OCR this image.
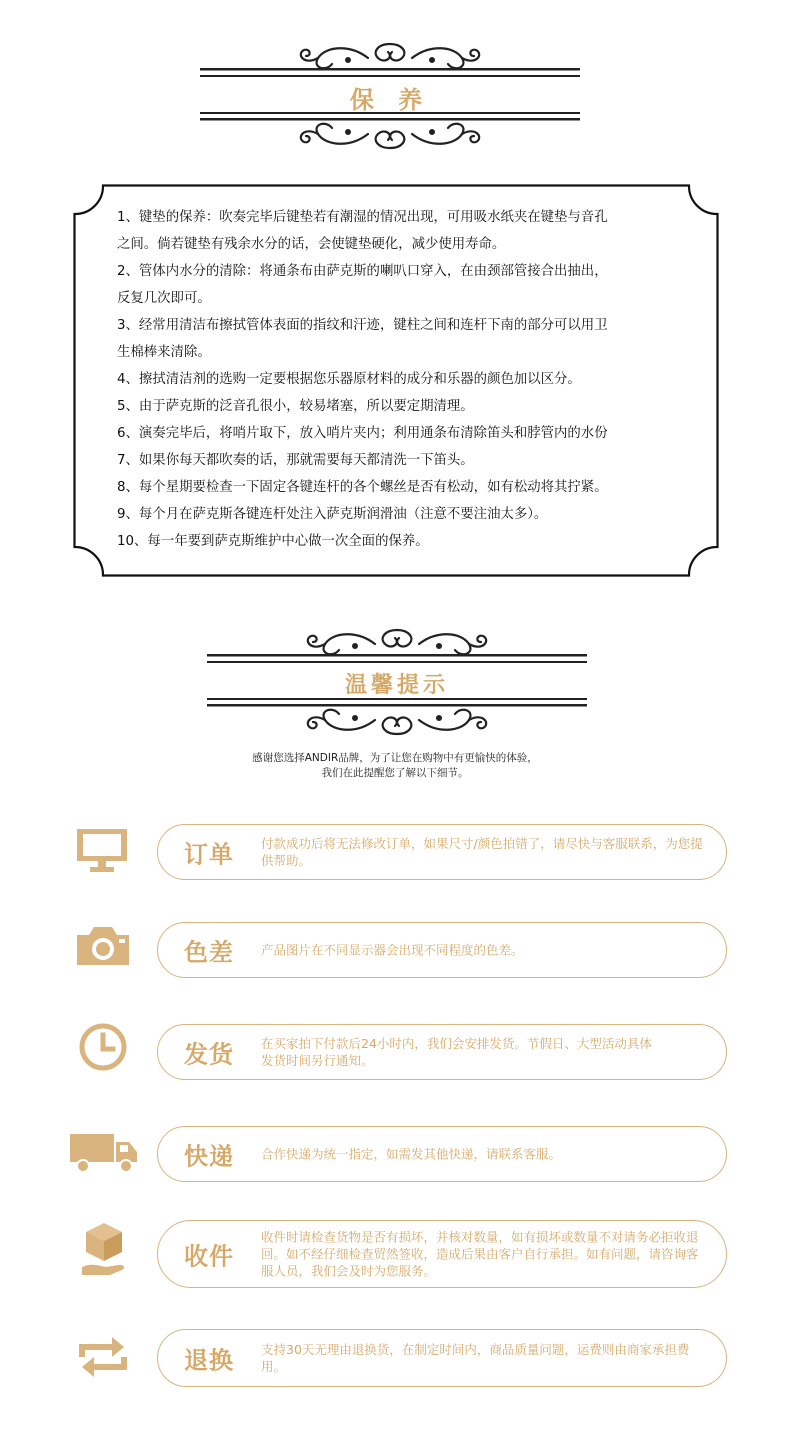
保 养
1、键垫的保养：吹奏完毕后键垫若有潮湿的情况出现，可用吸水纸夹在键垫与音孔
之间。倘若键垫有残余水分的话，会使键垫硬化，减少使用寿命。
2、管体内水分的清除：将通条布由萨克斯的喇叭口穿入，在由颈部管接合出抽出，
反复几次即可。
3、经常用清洁布擦拭管体表面的指纹和汗迹，键柱之间和连杆下南的部分可以用卫
生棉棒来清除。
4、擦拭清洁剂的选购一定要根据您乐器原材料的成分和乐器的颜色加以区分。
5、由于萨克斯的泛音孔很小，较易堵塞，所以要定期清理。
6、演奏完毕后，将哨片取下，放入哨片夹内；利用通条布清除笛头和脖管内的水份
7、如果你每天都吹奏的话，那就需要每天都清洗一下笛头。
8、每个星期要检查一下固定各键连杆的各个螺丝是否有松动，如有松动将其拧紧。
9、每个月在萨克斯各键连杆处注入萨克斯润滑油（注意不要注油太多）。
10、每一年要到萨克斯维护中心做一次全面的保养。
温馨提示
感谢您选择ANDIR品牌，为了让您在购物中有更愉快的体验，
我们在此提醒您了解以下细节。
订单 付款成功后将无法修改订单，如果尺寸/颜色拍错了，请尽快与客服联系，为您提供帮助。
色差 产品图片在不同显示器会出现不同程度的色差。
发货 在买家拍下付款后24小时内，我们会安排发货。节假日、大型活动具体发货时间另行通知。
快递 合作快递为统一指定，如需发其他快递，请联系客服。
收件
收件时请检查货物是否有损坏，并核对数量，如有损坏或数量不对请务必拒收退回。如不经仔细检查贸然签收，造成后果由客户自行承担。如有问题，请咨询客服人员，我们会及时为您服务。
退换 支持30天无理由退换货，在制定时间内，商品质量问题，运费则由商家承担费用。
